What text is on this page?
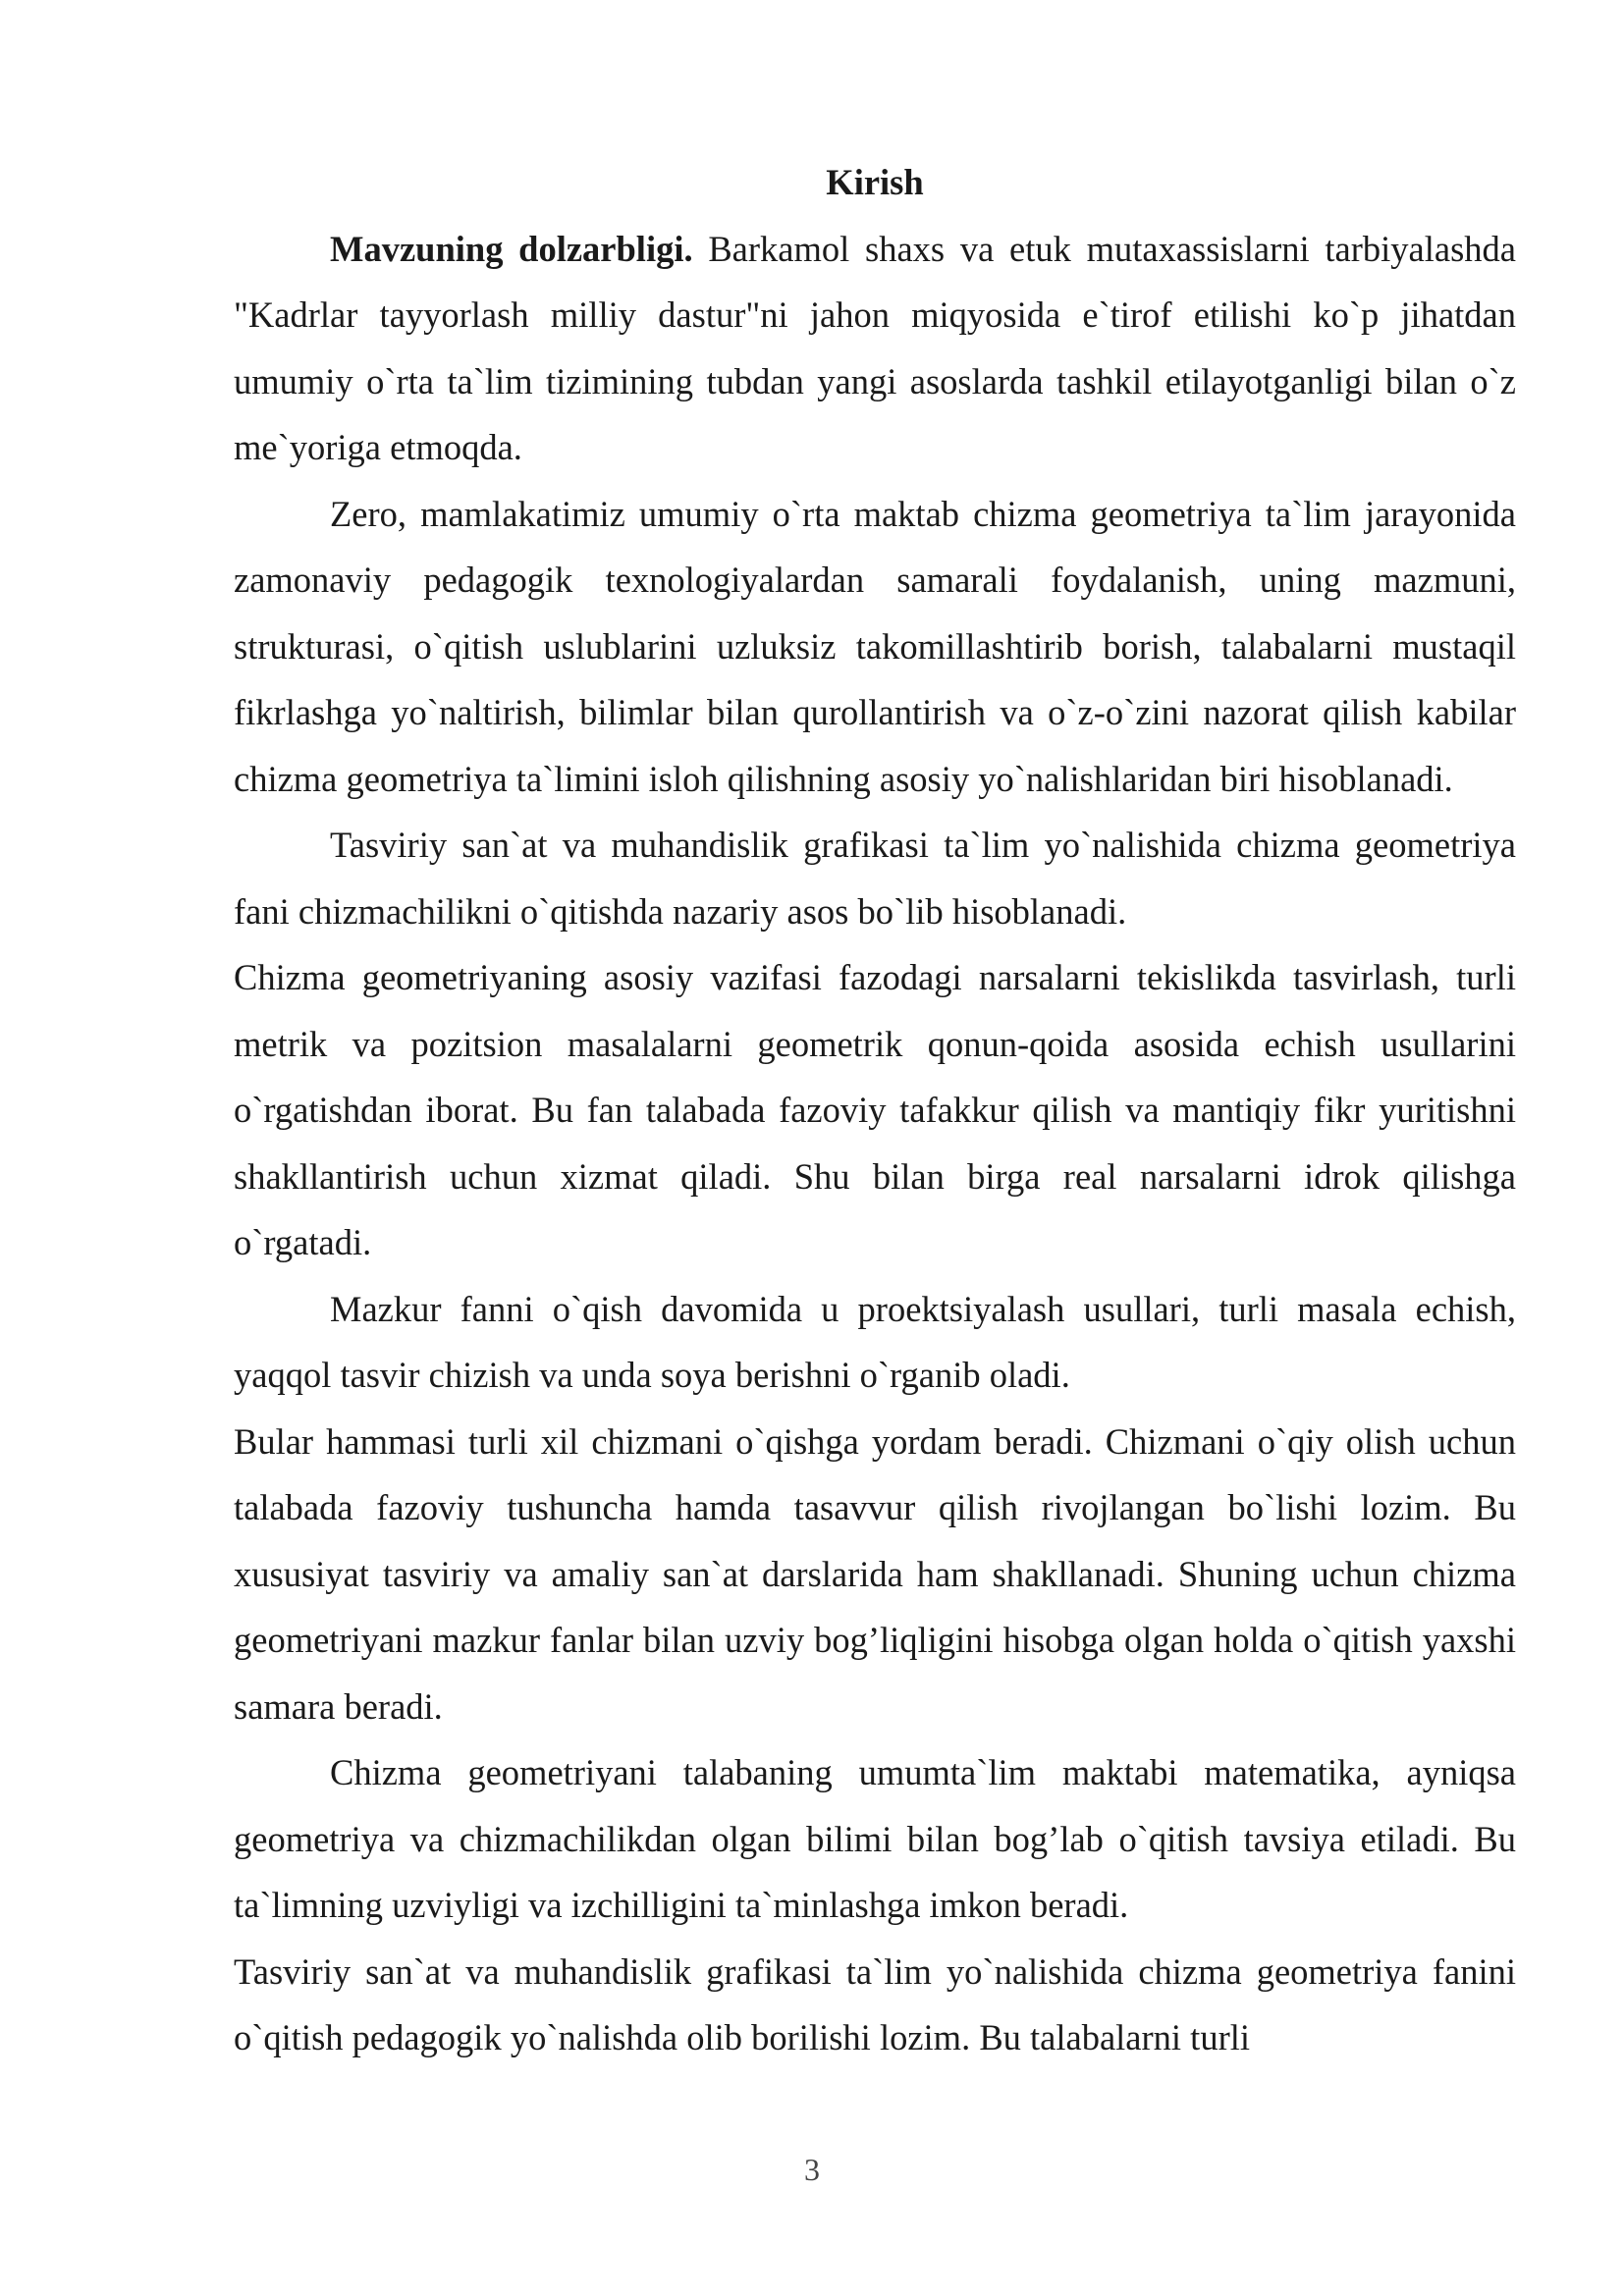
Kirish

Mavzuning dolzarbligi. Barkamol shaxs va etuk mutaxassislarni tarbiyalashda "Kadrlar tayyorlash milliy dastur"ni jahon miqyosida e`tirof etilishi ko`p jihatdan umumiy o`rta ta`lim tizimining tubdan yangi asoslarda tashkil etilayotganligi bilan o`z me`yoriga etmoqda.

Zero, mamlakatimiz umumiy o`rta maktab chizma geometriya ta`lim jarayonida zamonaviy pedagogik texnologiyalardan samarali foydalanish, uning mazmuni, strukturasi, o`qitish uslublarini uzluksiz takomillashtirib borish, talabalarni mustaqil fikrlashga yo`naltirish, bilimlar bilan qurollantirish va o`z-o`zini nazorat qilish kabilar chizma geometriya ta`limini isloh qilishning asosiy yo`nalishlaridan biri hisoblanadi.

Tasviriy san`at va muhandislik grafikasi ta`lim yo`nalishida chizma geometriya fani chizmachilikni o`qitishda nazariy asos bo`lib hisoblanadi.

Chizma geometriyaning asosiy vazifasi fazodagi narsalarni tekislikda tasvirlash, turli metrik va pozitsion masalalarni geometrik qonun-qoida asosida echish usullarini o`rgatishdan iborat. Bu fan talabada fazoviy tafakkur qilish va mantiqiy fikr yuritishni shakllantirish uchun xizmat qiladi. Shu bilan birga real narsalarni idrok qilishga o`rgatadi.

Mazkur fanni o`qish davomida u proektsiyalash usullari, turli masala echish, yaqqol tasvir chizish va unda soya berishni o`rganib oladi.

Bular hammasi turli xil chizmani o`qishga yordam beradi. Chizmani o`qiy olish uchun talabada fazoviy tushuncha hamda tasavvur qilish rivojlangan bo`lishi lozim. Bu xususiyat tasviriy va amaliy san`at darslarida ham shakllanadi. Shuning uchun chizma geometriyani mazkur fanlar bilan uzviy bog’liqligini hisobga olgan holda o`qitish yaxshi samara beradi.

Chizma geometriyani talabaning umumta`lim maktabi matematika, ayniqsa geometriya va chizmachilikdan olgan bilimi bilan bog’lab o`qitish tavsiya etiladi. Bu ta`limning uzviyligi va izchilligini ta`minlashga imkon beradi.

Tasviriy san`at va muhandislik grafikasi ta`lim yo`nalishida chizma geometriya fanini o`qitish pedagogik yo`nalishda olib borilishi lozim. Bu talabalarni turli

3
